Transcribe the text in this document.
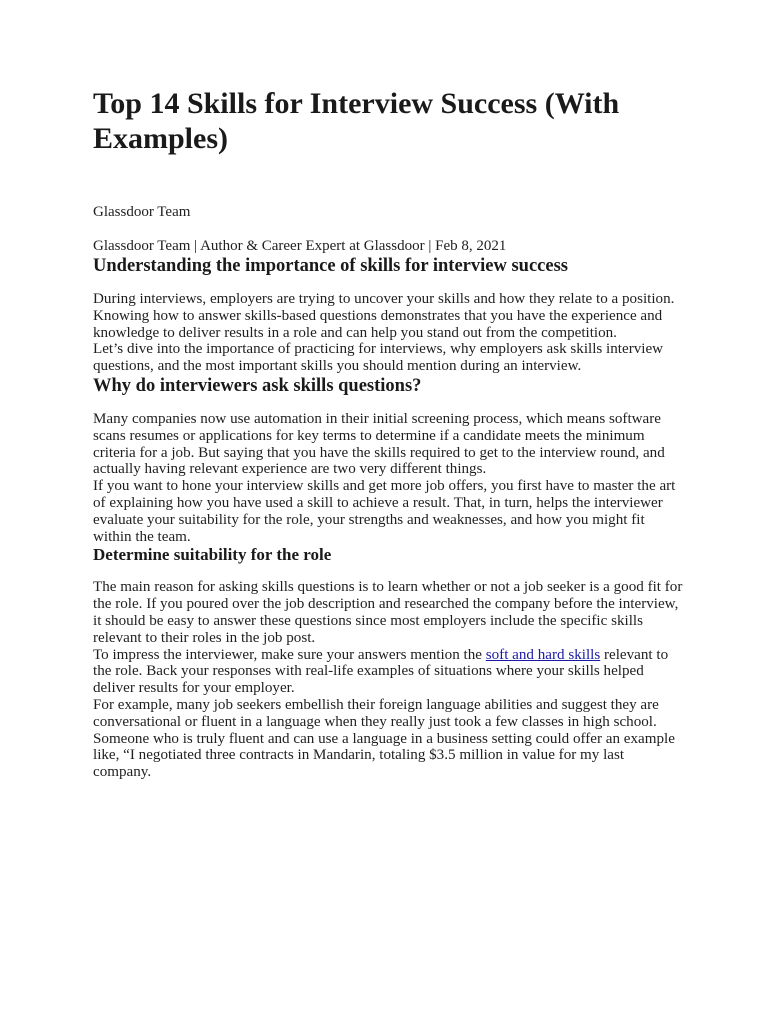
Top 14 Skills for Interview Success (With Examples)

Glassdoor Team

Glassdoor Team | Author & Career Expert at Glassdoor | Feb 8, 2021

Understanding the importance of skills for interview success

During interviews, employers are trying to uncover your skills and how they relate to a position. Knowing how to answer skills-based questions demonstrates that you have the experience and knowledge to deliver results in a role and can help you stand out from the competition.

Let’s dive into the importance of practicing for interviews, why employers ask skills interview questions, and the most important skills you should mention during an interview.

Why do interviewers ask skills questions?

Many companies now use automation in their initial screening process, which means software scans resumes or applications for key terms to determine if a candidate meets the minimum criteria for a job. But saying that you have the skills required to get to the interview round, and actually having relevant experience are two very different things.

If you want to hone your interview skills and get more job offers, you first have to master the art of explaining how you have used a skill to achieve a result. That, in turn, helps the interviewer evaluate your suitability for the role, your strengths and weaknesses, and how you might fit within the team.

Determine suitability for the role

The main reason for asking skills questions is to learn whether or not a job seeker is a good fit for the role. If you poured over the job description and researched the company before the interview, it should be easy to answer these questions since most employers include the specific skills relevant to their roles in the job post.

To impress the interviewer, make sure your answers mention the soft and hard skills relevant to the role. Back your responses with real-life examples of situations where your skills helped deliver results for your employer.

For example, many job seekers embellish their foreign language abilities and suggest they are conversational or fluent in a language when they really just took a few classes in high school. Someone who is truly fluent and can use a language in a business setting could offer an example like, “I negotiated three contracts in Mandarin, totaling $3.5 million in value for my last company.
